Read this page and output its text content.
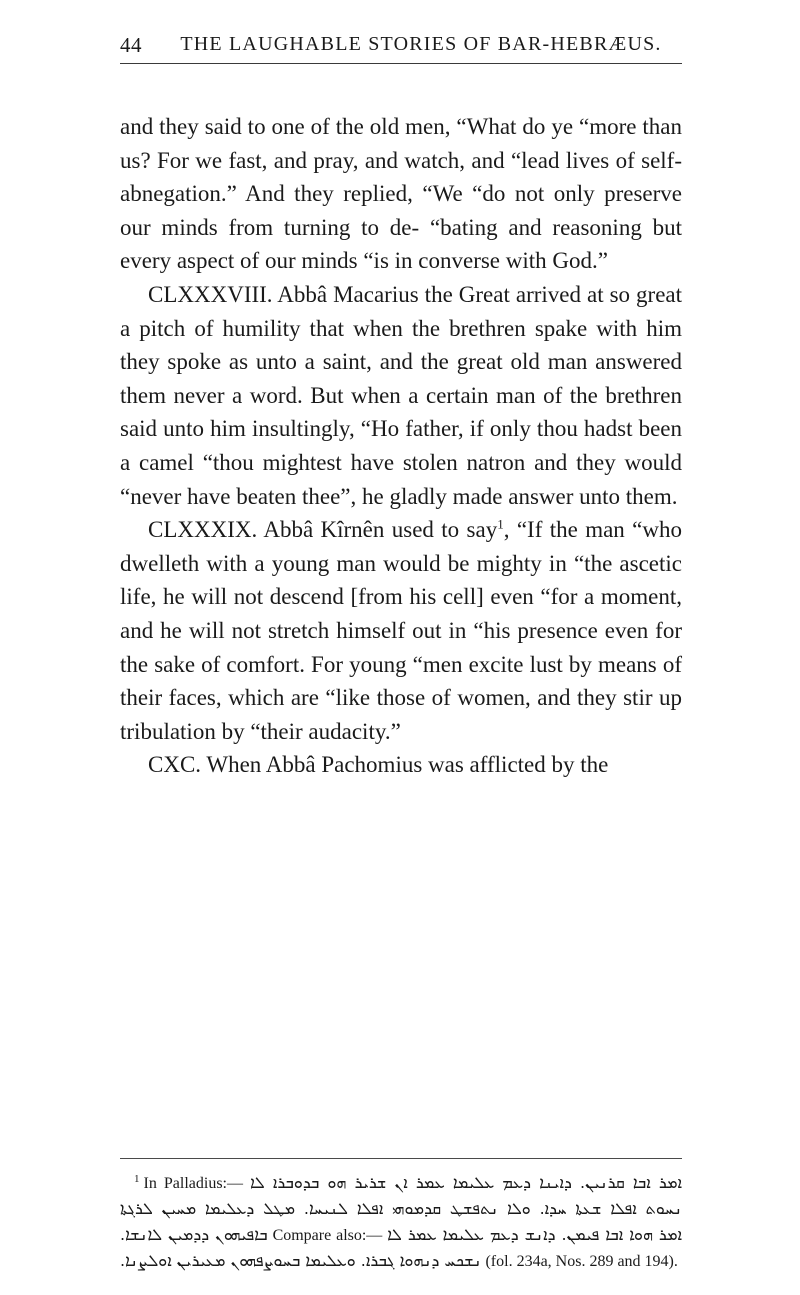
44	THE LAUGHABLE STORIES OF BAR-HEBRÆUS.

and they said to one of the old men, “What do ye “more than us? For we fast, and pray, and watch, and “lead lives of self-abnegation.” And they replied, “We “do not only preserve our minds from turning to de- “bating and reasoning but every aspect of our minds “is in converse with God.”

CLXXXVIII. Abbâ Macarius the Great arrived at so great a pitch of humility that when the brethren spake with him they spoke as unto a saint, and the great old man answered them never a word. But when a certain man of the brethren said unto him insultingly, “Ho father, if only thou hadst been a camel “thou mightest have stolen natron and they would “never have beaten thee”, he gladly made answer unto them.

CLXXXIX. Abbâ Kîrnên used to say$^1$, “If the man “who dwelleth with a young man would be mighty in “the ascetic life, he will not descend [from his cell] even “for a moment, and he will not stretch himself out in “his presence even for the sake of comfort. For young “men excite lust by means of their faces, which are “like those of women, and they stir up tribulation by “their audacity.”

CXC. When Abbâ Pachomius was afflicted by the

$^1$ In Palladius:— ܐܡܪ ܐܒܐ ܩܪܢܝܢ. ܕܐܝܢܐ ܕܥܡ ܥܠܝܡܐ ܥܡܪ ܐܢ ܫܪܝܪ ܗܘ ܒܕܘܒܪܐ ܠܐ ܢܚܘܬ ܐܦܠܐ ܫܥܬܐ ܚܕܐ. ܘܠܐ ܢܬܦܫܛ ܩܕܡܘܗܝ ܐܦܠܐ ܠܢܝܚܐ. ܡܛܠ ܕܥܠܝܡܐ ܡܚܝܢ ܠܪܓܬܐ ܒܐܦܝܗܘܢ ܕܕܡܝܢ ܠܐܢܫܐ. Compare also:— ܐܡܪ ܗܘܐ ܐܒܐ ܦܝܡܢ. ܕܐܢܫ ܕܥܡ ܥܠܝܡܐ ܥܡܪ ܠܐ ܢܫܟܚ ܕܢܗܘܐ ܓܒܪܐ. ܘܥܠܝܡܐ ܒܚܘܨܦܗܘܢ ܡܥܝܪܝܢ ܐܘܠܨܢܐ. (fol. 234a, Nos. 289 and 194).
